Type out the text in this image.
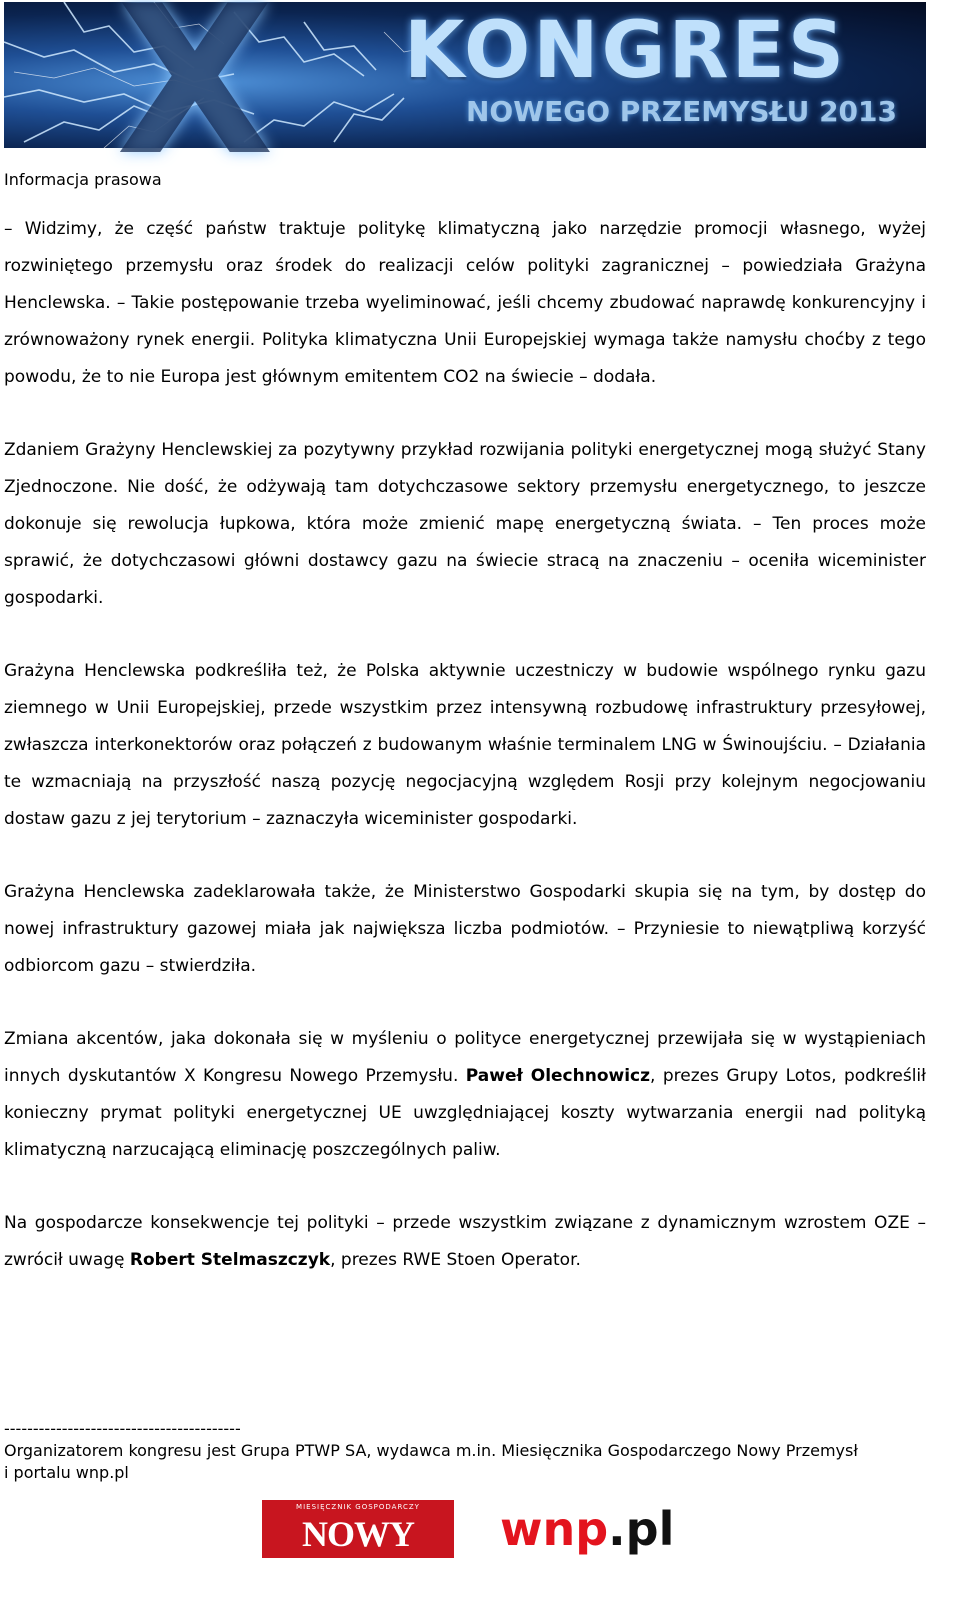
X KONGRES
NOWEGO PRZEMYSŁU 2013
Informacja prasowa

– Widzimy, że część państw traktuje politykę klimatyczną jako narzędzie promocji własnego, wyżej rozwiniętego przemysłu oraz środek do realizacji celów polityki zagranicznej – powiedziała Grażyna Henclewska. – Takie postępowanie trzeba wyeliminować, jeśli chcemy zbudować naprawdę konkurencyjny i zrównoważony rynek energii. Polityka klimatyczna Unii Europejskiej wymaga także namysłu choćby z tego powodu, że to nie Europa jest głównym emitentem CO2 na świecie – dodała.

Zdaniem Grażyny Henclewskiej za pozytywny przykład rozwijania polityki energetycznej mogą służyć Stany Zjednoczone. Nie dość, że odżywają tam dotychczasowe sektory przemysłu energetycznego, to jeszcze dokonuje się rewolucja łupkowa, która może zmienić mapę energetyczną świata. – Ten proces może sprawić, że dotychczasowi główni dostawcy gazu na świecie stracą na znaczeniu – oceniła wiceminister gospodarki.

Grażyna Henclewska podkreśliła też, że Polska aktywnie uczestniczy w budowie wspólnego rynku gazu ziemnego w Unii Europejskiej, przede wszystkim przez intensywną rozbudowę infrastruktury przesyłowej, zwłaszcza interkonektorów oraz połączeń z budowanym właśnie terminalem LNG w Świnoujściu. – Działania te wzmacniają na przyszłość naszą pozycję negocjacyjną względem Rosji przy kolejnym negocjowaniu dostaw gazu z jej terytorium – zaznaczyła wiceminister gospodarki.

Grażyna Henclewska zadeklarowała także, że Ministerstwo Gospodarki skupia się na tym, by dostęp do nowej infrastruktury gazowej miała jak największa liczba podmiotów. – Przyniesie to niewątpliwą korzyść odbiorcom gazu – stwierdziła.

Zmiana akcentów, jaka dokonała się w myśleniu o polityce energetycznej przewijała się w wystąpieniach innych dyskutantów X Kongresu Nowego Przemysłu. Paweł Olechnowicz, prezes Grupy Lotos, podkreślił konieczny prymat polityki energetycznej UE uwzględniającej koszty wytwarzania energii nad polityką klimatyczną narzucającą eliminację poszczególnych paliw.

Na gospodarcze konsekwencje tej polityki – przede wszystkim związane z dynamicznym wzrostem OZE – zwrócił uwagę Robert Stelmaszczyk, prezes RWE Stoen Operator.

-----------------------------------------
Organizatorem kongresu jest Grupa PTWP SA, wydawca m.in. Miesięcznika Gospodarczego Nowy Przemysł
i portalu wnp.pl
MIESIĘCZNIK GOSPODARCZY
NOWY PRZEMYSŁ
wnp.pl
